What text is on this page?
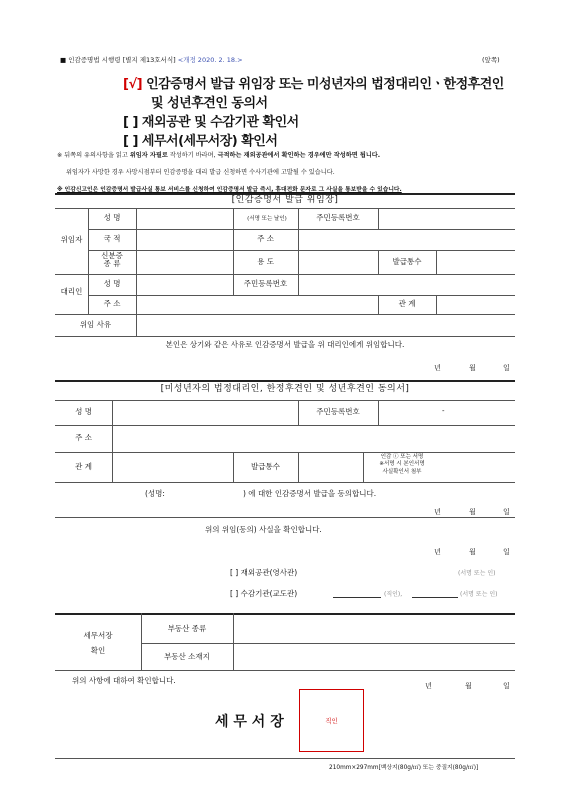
■ 인감증명법 시행령 [별지 제13호서식] <개정 2020. 2. 18.>	(앞쪽)
[√] 인감증명서 발급 위임장 또는 미성년자의 법정대리인ㆍ한정후견인
및 성년후견인 동의서
[ ] 재외공관 및 수감기관 확인서
[ ] 세무서(세무서장) 확인서
※ 뒤쪽의 유의사항을 읽고 위임자 자필로 작성하기 바라며, 극적하는 재외공관에서 확인하는 경우에만 작성하면 됩니다.
위임자가 사망한 경우 사망시점부터 인감증명을 대리 발급 신청하면 수사기관에 고발될 수 있습니다.
※ 인감신고인은 인감증명서 발급사실 통보 서비스를 신청하여 인감증명서 발급 즉시, 휴대전화 문자로 그 사실을 통보받을 수 있습니다.
[인감증명서 발급 위임장]
위임자
성 명	(서명 또는 날인)	주민등록번호
국 적	주 소
신분증
종 류	용 도	발급통수
대리인
성 명	주민등록번호
주 소	관 계
위임 사유
본인은 상기와 같은 사유로 인감증명서 발급을 위 대리인에게 위임합니다.
년	월	일
[미성년자의 법정대리인, 한정후견인 및 성년후견인 동의서]
성 명	주민등록번호	-
주 소
관 계	발급통수
인감 ⓘ 또는 서명
※서명 시 본인서명
사실확인서 첨부
(성명:	) 에 대한 인감증명서 발급을 동의합니다.
년	월	일
위의 위임(동의) 사실을 확인합니다.
년	월	일
[ ] 재외공관(영사관)	(서명 또는 인)
[ ] 수감기관(교도관)	(직인),	(서명 또는 인)
세무서장
확인
부동산 종류
부동산 소재지
위의 사항에 대하여 확인합니다.
년	월	일
세 무 서 장	직인
210mm×297mm[백상지(80g/㎡) 또는 중질지(80g/㎡)]
